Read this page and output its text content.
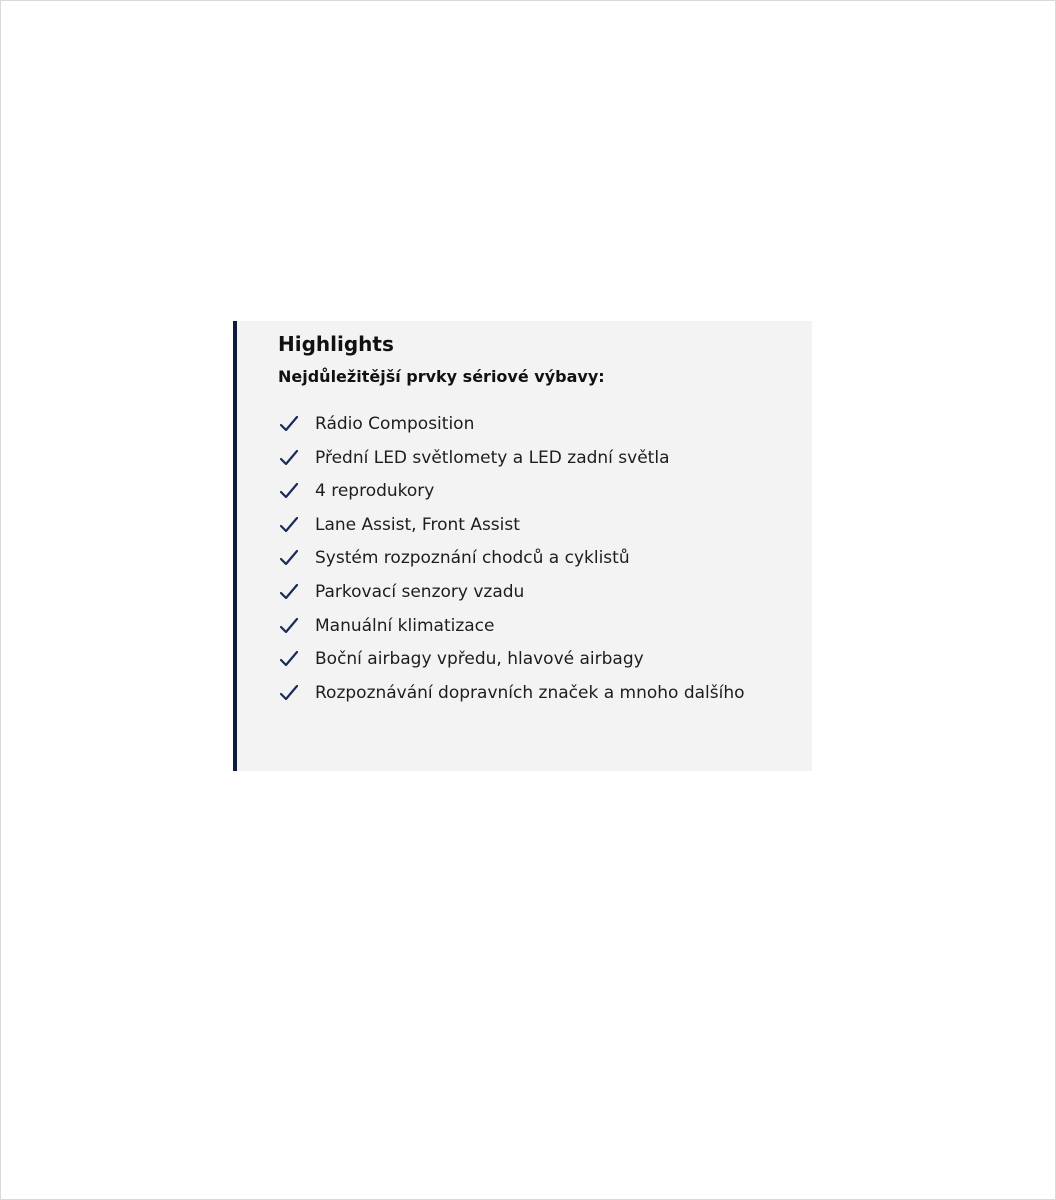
Highlights

Nejdůležitější prvky sériové výbavy:

Rádio Composition
Přední LED světlomety a LED zadní světla
4 reprodukory
Lane Assist, Front Assist
Systém rozpoznání chodců a cyklistů
Parkovací senzory vzadu
Manuální klimatizace
Boční airbagy vpředu, hlavové airbagy
Rozpoznávání dopravních značek a mnoho dalšího
